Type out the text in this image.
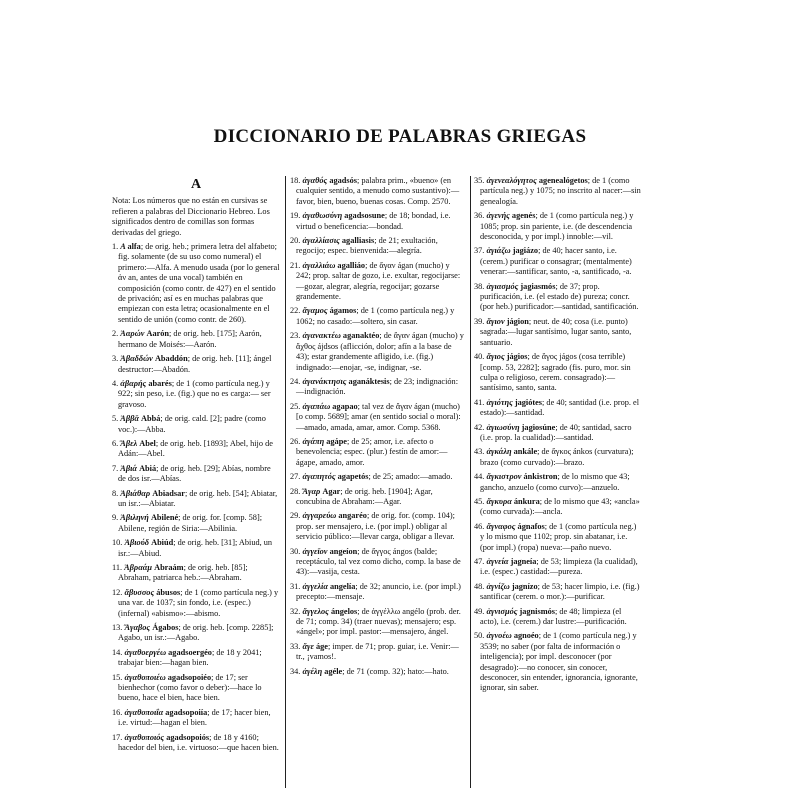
DICCIONARIO DE PALABRAS GRIEGAS
A
Nota: Los números que no están en cursivas se refieren a palabras del Diccionario Hebreo. Los significados dentro de comillas son formas derivadas del griego.
1. Α alfa; de orig. heb.; primera letra del alfabeto; fig. solamente (de su uso como numeral) el primero:—Alfa. A menudo usada (por lo general ἀν an, antes de una vocal) también en composición (como contr. de 427) en el sentido de privación; así es en muchas palabras que empiezan con esta letra; ocasionalmente en el sentido de unión (como contr. de 260).
2. Ἀαρών Aarón; de orig. heb. [175]; Aarón, hermano de Moisés:—Aarón.
3. Ἀβαδδών Abaddón; de orig. heb. [11]; ángel destructor:—Abadón.
4. ἀβαρής abarés; de 1 (como partícula neg.) y 922; sin peso, i.e. (fig.) que no es carga:— ser gravoso.
5. Ἀββᾶ Abbá; de orig. cald. [2]; padre (como voc.):—Abba.
6. Ἄβελ Abel; de orig. heb. [1893]; Abel, hijo de Adán:—Abel.
7. Ἀβιά Abiá; de orig. heb. [29]; Abías, nombre de dos isr.—Abías.
8. Ἀβιάθαρ Abiadsar; de orig. heb. [54]; Abiatar, un isr.:—Abiatar.
9. Ἀβιληνή Abilené; de orig. for. [comp. 58]; Abilene, región de Siria:—Abilinia.
10. Ἀβιούδ Abiúd; de orig. heb. [31]; Abiud, un isr.:—Abiud.
11. Ἀβραάμ Abraám; de orig. heb. [85]; Abraham, patriarca heb.:—Abraham.
12. ἄβυσσος ábusos; de 1 (como partícula neg.) y una var. de 1037; sin fondo, i.e. (espec.) (infernal) «abismo»:—abismo.
13. Ἄγαβος Ágabos; de orig. heb. [comp. 2285]; Agabo, un isr.:—Agabo.
14. ἀγαθοεργέω agadsoergéo; de 18 y 2041; trabajar bien:—hagan bien.
15. ἀγαθοποιέω agadsopoiéo; de 17; ser bienhechor (como favor o deber):—hace lo bueno, hace el bien, hace bien.
16. ἀγαθοποιΐα agadsopoiía; de 17; hacer bien, i.e. virtud:—hagan el bien.
17. ἀγαθοποιός agadsopoiós; de 18 y 4160; hacedor del bien, i.e. virtuoso:—que hacen bien.
18. ἀγαθός agadsós; palabra prim., «bueno» (en cualquier sentido, a menudo como sustantivo):—favor, bien, bueno, buenas cosas. Comp. 2570.
19. ἀγαθωσύνη agadsosune; de 18; bondad, i.e. virtud o beneficencia:—bondad.
20. ἀγαλλίασις agalliasis; de 21; exultación, regocijo; espec. bienvenida:—alegría.
21. ἀγαλλιάω agalliáo; de ἄγαν ágan (mucho) y 242; prop. saltar de gozo, i.e. exultar, regocijarse:—gozar, alegrar, alegría, regocijar; gozarse grandemente.
22. ἄγαμος ágamos; de 1 (como partícula neg.) y 1062; no casado:—soltero, sin casar.
23. ἀγανακτέω aganaktéo; de ἄγαν ágan (mucho) y ἄχθος ájdsos (aflicción, dolor; afín a la base de 43); estar grandemente afligido, i.e. (fig.) indignado:—enojar, -se, indignar, -se.
24. ἀγανάκτησις aganáktesis; de 23; indignación:—indignación.
25. ἀγαπάω agapao; tal vez de ἄγαν ágan (mucho) [o comp. 5689]; amar (en sentido social o moral):—amado, amada, amar, amor. Comp. 5368.
26. ἀγάπη agápe; de 25; amor, i.e. afecto o benevolencia; espec. (plur.) festín de amor:—ágape, amado, amor.
27. ἀγαπητός agapetós; de 25; amado:—amado.
28. Ἄγαρ Agar; de orig. heb. [1904]; Agar, concubina de Abraham:—Agar.
29. ἀγγαρεύω angaréo; de orig. for. (comp. 104); prop. ser mensajero, i.e. (por impl.) obligar al servicio público:—llevar carga, obligar a llevar.
30. ἀγγεῖον angeíon; de ἄγγος ángos (balde; receptáculo, tal vez como dicho, comp. la base de 43):—vasija, cesta.
31. ἀγγελία angelía; de 32; anuncio, i.e. (por impl.) precepto:—mensaje.
32. ἄγγελος ángelos; de ἀγγέλλω angélo (prob. der. de 71; comp. 34) (traer nuevas); mensajero; esp. «ángel»; por impl. pastor:—mensajero, ángel.
33. ἄγε áge; imper. de 71; prop. guiar, i.e. Venir:—tr., ¡vamos!.
34. ἀγέλη agéle; de 71 (comp. 32); hato:—hato.
35. ἀγενεαλόγητος agenealógetos; de 1 (como partícula neg.) y 1075; no inscrito al nacer:—sin genealogía.
36. ἀγενής agenés; de 1 (como partícula neg.) y 1085; prop. sin pariente, i.e. (de descendencia desconocida, y por impl.) innoble:—vil.
37. ἁγιάζω jagiázo; de 40; hacer santo, i.e. (cerem.) purificar o consagrar; (mentalmente) venerar:—santificar, santo, -a, santificado, -a.
38. ἁγιασμός jagiasmós; de 37; prop. purificación, i.e. (el estado de) pureza; concr. (por heb.) purificador:—santidad, santificación.
39. ἅγιον jágion; neut. de 40; cosa (i.e. punto) sagrada:—lugar santísimo, lugar santo, santo, santuario.
40. ἅγιος jágios; de ἅγος jágos (cosa terrible) [comp. 53, 2282]; sagrado (fis. puro, mor. sin culpa o religioso, cerem. consagrado):—santísimo, santo, santa.
41. ἁγιότης jagiótes; de 40; santidad (i.e. prop. el estado):—santidad.
42. ἁγιωσύνη jagiosúne; de 40; santidad, sacro (i.e. prop. la cualidad):—santidad.
43. ἀγκάλη ankále; de ἄγκος ánkos (curvatura); brazo (como curvado):—brazo.
44. ἄγκιστρον ánkistron; de lo mismo que 43; gancho, anzuelo (como curvo):—anzuelo.
45. ἄγκυρα ánkura; de lo mismo que 43; «ancla» (como curvada):—ancla.
46. ἄγναφος ágnafos; de 1 (como partícula neg.) y lo mismo que 1102; prop. sin abatanar, i.e. (por impl.) (ropa) nueva:—paño nuevo.
47. ἁγνεία jagneía; de 53; limpieza (la cualidad), i.e. (espec.) castidad:—pureza.
48. ἁγνίζω jagnízo; de 53; hacer limpio, i.e. (fig.) santificar (cerem. o mor.):—purificar.
49. ἁγνισμός jagnismós; de 48; limpieza (el acto), i.e. (cerem.) dar lustre:—purificación.
50. ἀγνοέω agnoéo; de 1 (como partícula neg.) y 3539; no saber (por falta de información o inteligencia); por impl. desconocer (por desagrado):—no conocer, sin conocer, desconocer, sin entender, ignorancia, ignorante, ignorar, sin saber.
